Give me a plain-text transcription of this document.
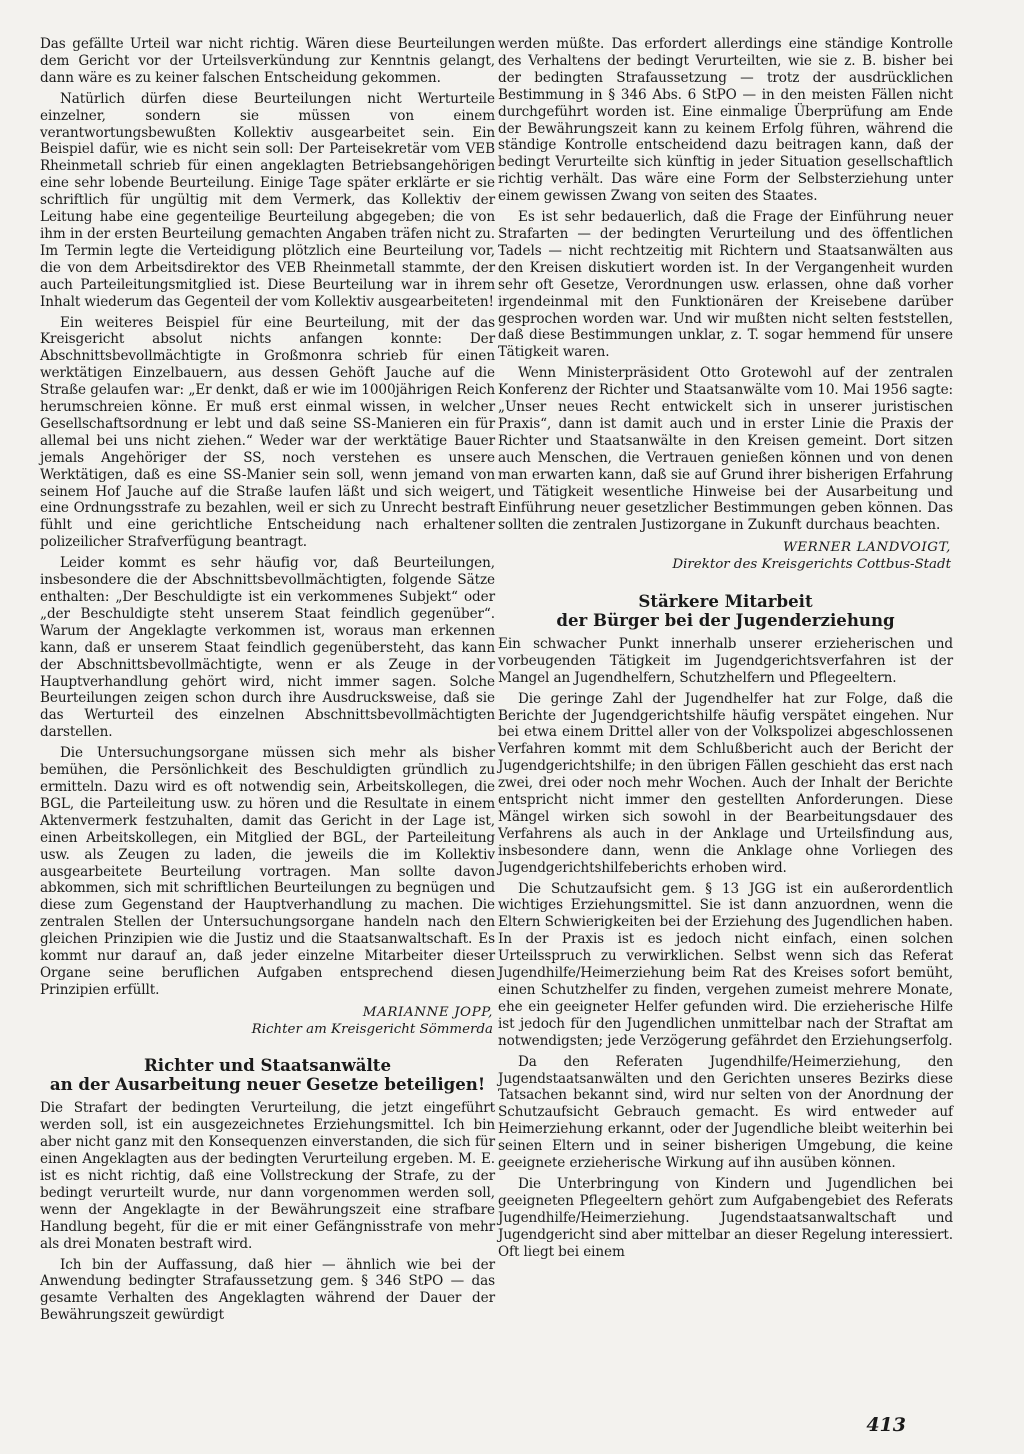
Das gefällte Urteil war nicht richtig. Wären diese Beurteilungen dem Gericht vor der Urteilsverkündung zur Kenntnis gelangt, dann wäre es zu keiner falschen Entscheidung gekommen.

Natürlich dürfen diese Beurteilungen nicht Werturteile einzelner, sondern sie müssen von einem verantwortungsbewußten Kollektiv ausgearbeitet sein. Ein Beispiel dafür, wie es nicht sein soll: Der Parteisekretär vom VEB Rheinmetall schrieb für einen angeklagten Betriebsangehörigen eine sehr lobende Beurteilung. Einige Tage später erklärte er sie schriftlich für ungültig mit dem Vermerk, das Kollektiv der Leitung habe eine gegenteilige Beurteilung abgegeben; die von ihm in der ersten Beurteilung gemachten Angaben träfen nicht zu. Im Termin legte die Verteidigung plötzlich eine Beurteilung vor, die von dem Arbeitsdirektor des VEB Rheinmetall stammte, der auch Parteileitungsmitglied ist. Diese Beurteilung war in ihrem Inhalt wiederum das Gegenteil der vom Kollektiv ausgearbeiteten!

Ein weiteres Beispiel für eine Beurteilung, mit der das Kreisgericht absolut nichts anfangen konnte: Der Abschnittsbevollmächtigte in Großmonra schrieb für einen werktätigen Einzelbauern, aus dessen Gehöft Jauche auf die Straße gelaufen war: „Er denkt, daß er wie im 1000jährigen Reich herumschreien könne. Er muß erst einmal wissen, in welcher Gesellschaftsordnung er lebt und daß seine SS-Manieren ein für allemal bei uns nicht ziehen.“ Weder war der werktätige Bauer jemals Angehöriger der SS, noch verstehen es unsere Werktätigen, daß es eine SS-Manier sein soll, wenn jemand von seinem Hof Jauche auf die Straße laufen läßt und sich weigert, eine Ordnungsstrafe zu bezahlen, weil er sich zu Unrecht bestraft fühlt und eine gerichtliche Entscheidung nach erhaltener polizeilicher Strafverfügung beantragt.

Leider kommt es sehr häufig vor, daß Beurteilungen, insbesondere die der Abschnittsbevollmächtigten, folgende Sätze enthalten: „Der Beschuldigte ist ein verkommenes Subjekt“ oder „der Beschuldigte steht unserem Staat feindlich gegenüber“. Warum der Angeklagte verkommen ist, woraus man erkennen kann, daß er unserem Staat feindlich gegenübersteht, das kann der Abschnittsbevollmächtigte, wenn er als Zeuge in der Hauptverhandlung gehört wird, nicht immer sagen. Solche Beurteilungen zeigen schon durch ihre Ausdrucksweise, daß sie das Werturteil des einzelnen Abschnittsbevollmächtigten darstellen.

Die Untersuchungsorgane müssen sich mehr als bisher bemühen, die Persönlichkeit des Beschuldigten gründlich zu ermitteln. Dazu wird es oft notwendig sein, Arbeitskollegen, die BGL, die Parteileitung usw. zu hören und die Resultate in einem Aktenvermerk festzuhalten, damit das Gericht in der Lage ist, einen Arbeitskollegen, ein Mitglied der BGL, der Parteileitung usw. als Zeugen zu laden, die jeweils die im Kollektiv ausgearbeitete Beurteilung vortragen. Man sollte davon abkommen, sich mit schriftlichen Beurteilungen zu begnügen und diese zum Gegenstand der Hauptverhandlung zu machen. Die zentralen Stellen der Untersuchungsorgane handeln nach den gleichen Prinzipien wie die Justiz und die Staatsanwaltschaft. Es kommt nur darauf an, daß jeder einzelne Mitarbeiter dieser Organe seine beruflichen Aufgaben entsprechend diesen Prinzipien erfüllt.

MARIANNE JOPP,
Richter am Kreisgericht Sömmerda
Richter und Staatsanwälte
an der Ausarbeitung neuer Gesetze beteiligen!

Die Strafart der bedingten Verurteilung, die jetzt eingeführt werden soll, ist ein ausgezeichnetes Erziehungsmittel. Ich bin aber nicht ganz mit den Konsequenzen einverstanden, die sich für einen Angeklagten aus der bedingten Verurteilung ergeben. M. E. ist es nicht richtig, daß eine Vollstreckung der Strafe, zu der bedingt verurteilt wurde, nur dann vorgenommen werden soll, wenn der Angeklagte in der Bewährungszeit eine strafbare Handlung begeht, für die er mit einer Gefängnisstrafe von mehr als drei Monaten bestraft wird.

Ich bin der Auffassung, daß hier — ähnlich wie bei der Anwendung bedingter Strafaussetzung gem. § 346 StPO — das gesamte Verhalten des Angeklagten während der Dauer der Bewährungszeit gewürdigt

werden müßte. Das erfordert allerdings eine ständige Kontrolle des Verhaltens der bedingt Verurteilten, wie sie z. B. bisher bei der bedingten Strafaussetzung — trotz der ausdrücklichen Bestimmung in § 346 Abs. 6 StPO — in den meisten Fällen nicht durchgeführt worden ist. Eine einmalige Überprüfung am Ende der Bewährungszeit kann zu keinem Erfolg führen, während die ständige Kontrolle entscheidend dazu beitragen kann, daß der bedingt Verurteilte sich künftig in jeder Situation gesellschaftlich richtig verhält. Das wäre eine Form der Selbsterziehung unter einem gewissen Zwang von seiten des Staates.

Es ist sehr bedauerlich, daß die Frage der Einführung neuer Strafarten — der bedingten Verurteilung und des öffentlichen Tadels — nicht rechtzeitig mit Richtern und Staatsanwälten aus den Kreisen diskutiert worden ist. In der Vergangenheit wurden sehr oft Gesetze, Verordnungen usw. erlassen, ohne daß vorher irgendeinmal mit den Funktionären der Kreisebene darüber gesprochen worden war. Und wir mußten nicht selten feststellen, daß diese Bestimmungen unklar, z. T. sogar hemmend für unsere Tätigkeit waren.

Wenn Ministerpräsident Otto Grotewohl auf der zentralen Konferenz der Richter und Staatsanwälte vom 10. Mai 1956 sagte: „Unser neues Recht entwickelt sich in unserer juristischen Praxis“, dann ist damit auch und in erster Linie die Praxis der Richter und Staatsanwälte in den Kreisen gemeint. Dort sitzen auch Menschen, die Vertrauen genießen können und von denen man erwarten kann, daß sie auf Grund ihrer bisherigen Erfahrung und Tätigkeit wesentliche Hinweise bei der Ausarbeitung und Einführung neuer gesetzlicher Bestimmungen geben können. Das sollten die zentralen Justizorgane in Zukunft durchaus beachten.

WERNER LANDVOIGT,
Direktor des Kreisgerichts Cottbus-Stadt
Stärkere Mitarbeit
der Bürger bei der Jugenderziehung

Ein schwacher Punkt innerhalb unserer erzieherischen und vorbeugenden Tätigkeit im Jugendgerichtsverfahren ist der Mangel an Jugendhelfern, Schutzhelfern und Pflegeeltern.

Die geringe Zahl der Jugendhelfer hat zur Folge, daß die Berichte der Jugendgerichtshilfe häufig verspätet eingehen. Nur bei etwa einem Drittel aller von der Volkspolizei abgeschlossenen Verfahren kommt mit dem Schlußbericht auch der Bericht der Jugendgerichtshilfe; in den übrigen Fällen geschieht das erst nach zwei, drei oder noch mehr Wochen. Auch der Inhalt der Berichte entspricht nicht immer den gestellten Anforderungen. Diese Mängel wirken sich sowohl in der Bearbeitungsdauer des Verfahrens als auch in der Anklage und Urteilsfindung aus, insbesondere dann, wenn die Anklage ohne Vorliegen des Jugendgerichtshilfeberichts erhoben wird.

Die Schutzaufsicht gem. § 13 JGG ist ein außerordentlich wichtiges Erziehungsmittel. Sie ist dann anzuordnen, wenn die Eltern Schwierigkeiten bei der Erziehung des Jugendlichen haben. In der Praxis ist es jedoch nicht einfach, einen solchen Urteilsspruch zu verwirklichen. Selbst wenn sich das Referat Jugendhilfe/Heimerziehung beim Rat des Kreises sofort bemüht, einen Schutzhelfer zu finden, vergehen zumeist mehrere Monate, ehe ein geeigneter Helfer gefunden wird. Die erzieherische Hilfe ist jedoch für den Jugendlichen unmittelbar nach der Straftat am notwendigsten; jede Verzögerung gefährdet den Erziehungserfolg.

Da den Referaten Jugendhilfe/Heimerziehung, den Jugendstaatsanwälten und den Gerichten unseres Bezirks diese Tatsachen bekannt sind, wird nur selten von der Anordnung der Schutzaufsicht Gebrauch gemacht. Es wird entweder auf Heimerziehung erkannt, oder der Jugendliche bleibt weiterhin bei seinen Eltern und in seiner bisherigen Umgebung, die keine geeignete erzieherische Wirkung auf ihn ausüben können.

Die Unterbringung von Kindern und Jugendlichen bei geeigneten Pflegeeltern gehört zum Aufgabengebiet des Referats Jugendhilfe/Heimerziehung. Jugendstaatsanwaltschaft und Jugendgericht sind aber mittelbar an dieser Regelung interessiert. Oft liegt bei einem

413
